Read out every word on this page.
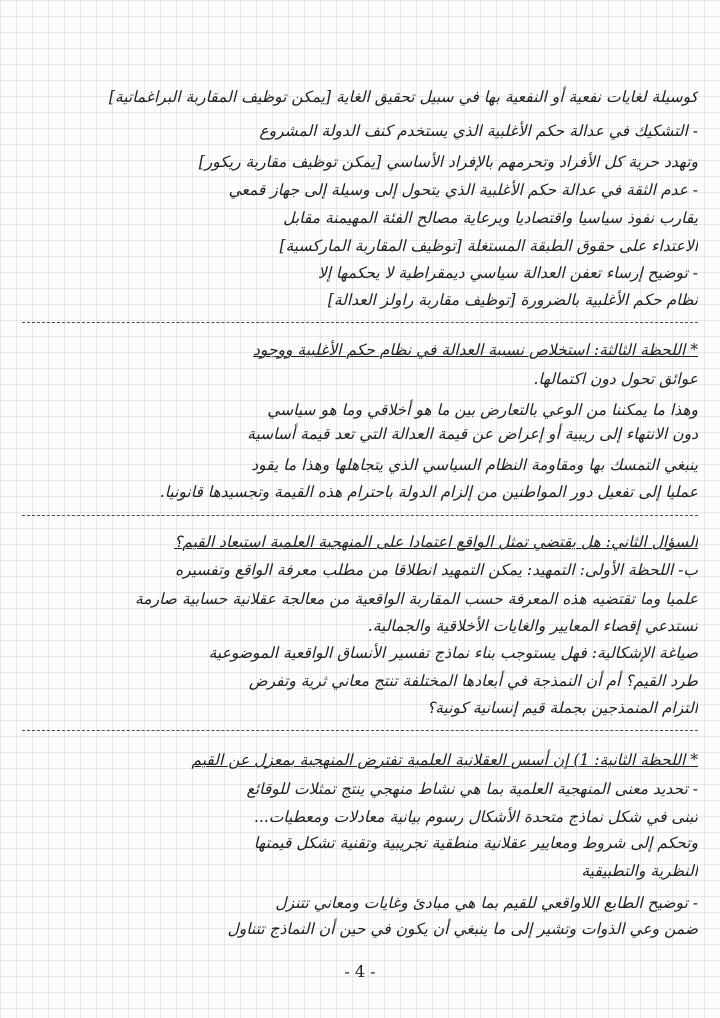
كوسيلة لغايات نفعية أو النفعية بها في سبيل تحقيق الغاية [يمكن توظيف المقاربة البراغماتية]
- التشكيك في عدالة حكم الأغلبية الذي يستخدم كنف الدولة المشروع
وتهدد حرية كل الأفراد وتحرمهم بالإفراد الأساسي [يمكن توظيف مقاربة ريكور]
- عدم الثقة في عدالة حكم الأغلبية الذي يتحول إلى وسيلة إلى جهاز قمعي
يقارب نفوذ سياسيا واقتصاديا وبرعاية مصالح الفئة المهيمنة مقابل
الاعتداء على حقوق الطبقة المستغلة [توظيف المقاربة الماركسية]
- توضيح إرساء تعفن العدالة سياسي ديمقراطية لا يحكمها إلا
نظام حكم الأغلبية بالضرورة [توظيف مقاربة راولز العدالة]
* اللحظة الثالثة: استخلاص نسبية العدالة في نظام حكم الأغلبية ووجود
عوائق تحول دون اكتمالها.
وهذا ما يمكننا من الوعي بالتعارض بين ما هو أخلاقي وما هو سياسي
دون الانتهاء إلى ريبية أو إعراض عن قيمة العدالة التي تعد قيمة أساسية
ينبغي التمسك بها ومقاومة النظام السياسي الذي يتجاهلها وهذا ما يقود
عمليا إلى تفعيل دور المواطنين من إلزام الدولة باحترام هذه القيمة وتجسيدها قانونيا.
السؤال الثاني: هل يقتضي تمثل الواقع اعتمادا على المنهجية العلمية استبعاد القيم؟
ب- اللحظة الأولى: التمهيد: يمكن التمهيد انطلاقا من مطلب معرفة الواقع وتفسيره
علميا وما تقتضيه هذه المعرفة حسب المقاربة الواقعية من معالجة عقلانية حسابية صارمة
تستدعي إقصاء المعايير والغايات الأخلاقية والجمالية.
صياغة الإشكالية: فهل يستوجب بناء نماذج تفسير الأنساق الواقعية الموضوعية
طرد القيم؟ أم أن النمذجة في أبعادها المختلفة تنتج معاني ثرية وتفرض
التزام المنمذجين بجملة قيم إنسانية كونية؟
* اللحظة الثانية: 1) إن أسس العقلانية العلمية تفترض المنهجية بمعزل عن القيم
- تحديد معنى المنهجية العلمية بما هي نشاط منهجي ينتج تمثلات للوقائع
تبنى في شكل نماذج متحدة الأشكال رسوم بيانية معادلات ومعطيات...
وتحكم إلى شروط ومعايير عقلانية منطقية تجريبية وتقنية تشكل قيمتها
النظرية والتطبيقية
- توضيح الطابع اللاواقعي للقيم بما هي مبادئ وغايات ومعاني تتنزل
ضمن وعي الذوات وتشير إلى ما ينبغي أن يكون في حين أن النماذج تتناول
- 4 -
